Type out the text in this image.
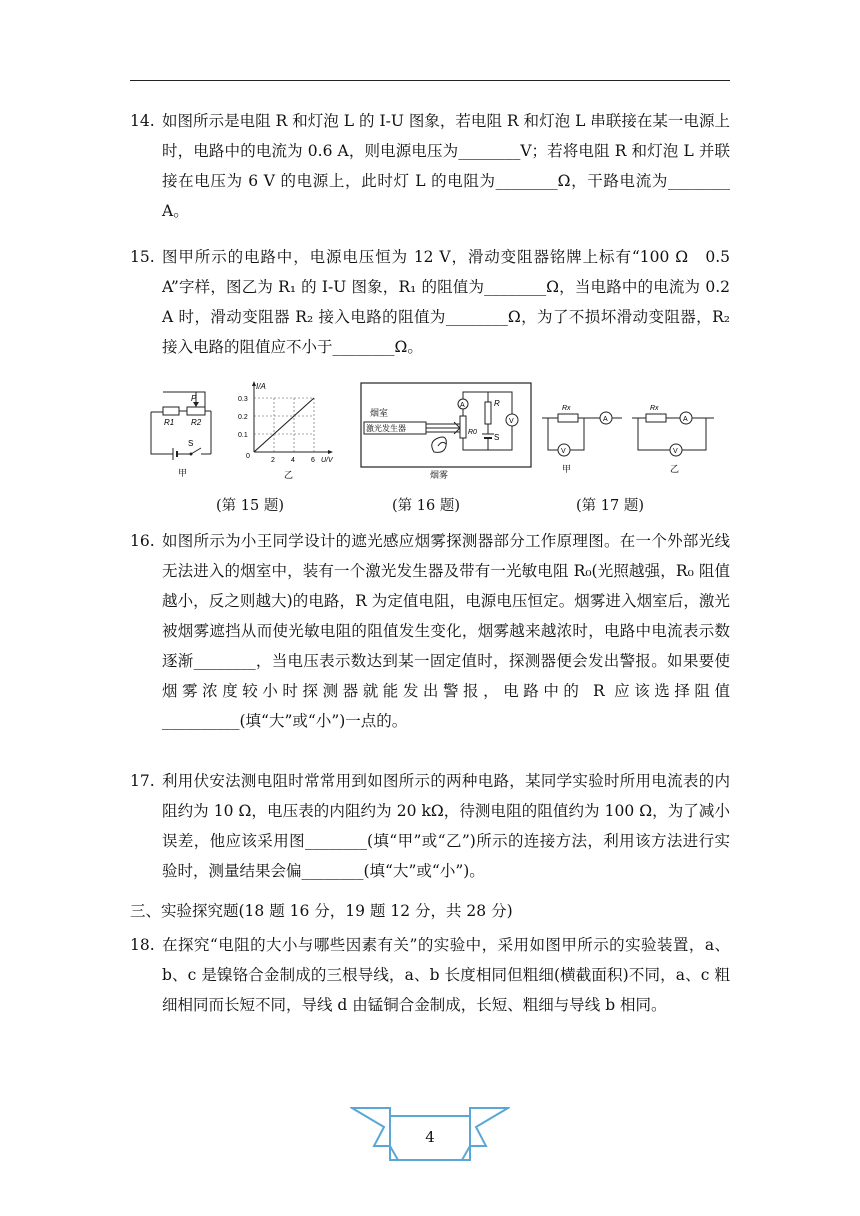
14. 如图所示是电阻 R 和灯泡 L 的 I-U 图象，若电阻 R 和灯泡 L 串联接在某一电源上时，电路中的电流为 0.6 A，则电源电压为________V；若将电阻 R 和灯泡 L 并联接在电压为 6 V 的电源上，此时灯 L 的电阻为________Ω，干路电流为________ A。
15. 图甲所示的电路中，电源电压恒为 12 V，滑动变阻器铭牌上标有“100 Ω　0.5 A”字样，图乙为 R₁ 的 I-U 图象，R₁ 的阻值为________Ω，当电路中的电流为 0.2 A 时，滑动变阻器 R₂ 接入电路的阻值为________Ω，为了不损坏滑动变阻器，R₂ 接入电路的阻值应不小于________Ω。
P
R1 R2
S
甲
I/A
0.3
0.2
0.1
0
2 4 6 U/V
乙
(第 15 题)
烟室
激光发生器	R0
R
S
A
V
烟雾
(第 16 题)
Rx
A
V
甲
Rx
A
V
乙
(第 17 题)
16. 如图所示为小王同学设计的遮光感应烟雾探测器部分工作原理图。在一个外部光线无法进入的烟室中，装有一个激光发生器及带有一光敏电阻 R₀(光照越强，R₀ 阻值越小，反之则越大)的电路，R 为定值电阻，电源电压恒定。烟雾进入烟室后，激光被烟雾遮挡从而使光敏电阻的阻值发生变化，烟雾越来越浓时，电路中电流表示数逐渐________，当电压表示数达到某一固定值时，探测器便会发出警报。如果要使烟雾浓度较小时探测器就能发出警报，电路中的 R 应该选择阻值__________(填“大”或“小”)一点的。
17. 利用伏安法测电阻时常常用到如图所示的两种电路，某同学实验时所用电流表的内阻约为 10 Ω，电压表的内阻约为 20 kΩ，待测电阻的阻值约为 100 Ω，为了减小误差，他应该采用图________(填“甲”或“乙”)所示的连接方法，利用该方法进行实验时，测量结果会偏________(填“大”或“小”)。
三、实验探究题(18 题 16 分，19 题 12 分，共 28 分)
18. 在探究“电阻的大小与哪些因素有关”的实验中，采用如图甲所示的实验装置，a、b、c 是镍铬合金制成的三根导线，a、b 长度相同但粗细(横截面积)不同，a、c 粗细相同而长短不同，导线 d 由锰铜合金制成，长短、粗细与导线 b 相同。
4
